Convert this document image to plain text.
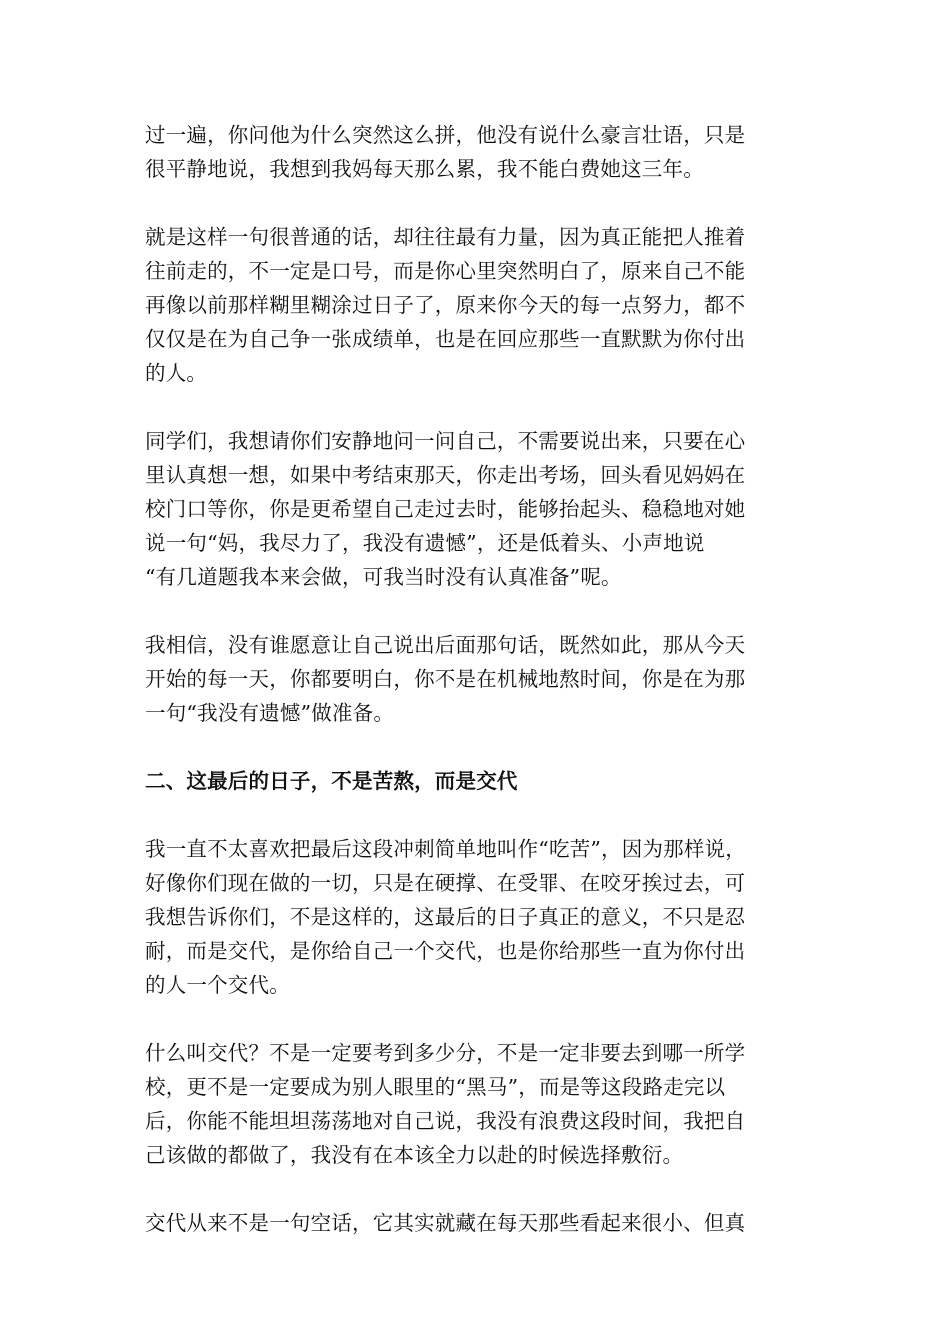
过一遍，你问他为什么突然这么拼，他没有说什么豪言壮语，只是
很平静地说，我想到我妈每天那么累，我不能白费她这三年。

就是这样一句很普通的话，却往往最有力量，因为真正能把人推着
往前走的，不一定是口号，而是你心里突然明白了，原来自己不能
再像以前那样糊里糊涂过日子了，原来你今天的每一点努力，都不
仅仅是在为自己争一张成绩单，也是在回应那些一直默默为你付出
的人。

同学们，我想请你们安静地问一问自己，不需要说出来，只要在心
里认真想一想，如果中考结束那天，你走出考场，回头看见妈妈在
校门口等你，你是更希望自己走过去时，能够抬起头、稳稳地对她
说一句“妈，我尽力了，我没有遗憾”，还是低着头、小声地说
“有几道题我本来会做，可我当时没有认真准备”呢。

我相信，没有谁愿意让自己说出后面那句话，既然如此，那从今天
开始的每一天，你都要明白，你不是在机械地熬时间，你是在为那
一句“我没有遗憾”做准备。

二、这最后的日子，不是苦熬，而是交代

我一直不太喜欢把最后这段冲刺简单地叫作“吃苦”，因为那样说，
好像你们现在做的一切，只是在硬撑、在受罪、在咬牙挨过去，可
我想告诉你们，不是这样的，这最后的日子真正的意义，不只是忍
耐，而是交代，是你给自己一个交代，也是你给那些一直为你付出
的人一个交代。

什么叫交代？不是一定要考到多少分，不是一定非要去到哪一所学
校，更不是一定要成为别人眼里的“黑马”，而是等这段路走完以
后，你能不能坦坦荡荡地对自己说，我没有浪费这段时间，我把自
己该做的都做了，我没有在本该全力以赴的时候选择敷衍。

交代从来不是一句空话，它其实就藏在每天那些看起来很小、但真
